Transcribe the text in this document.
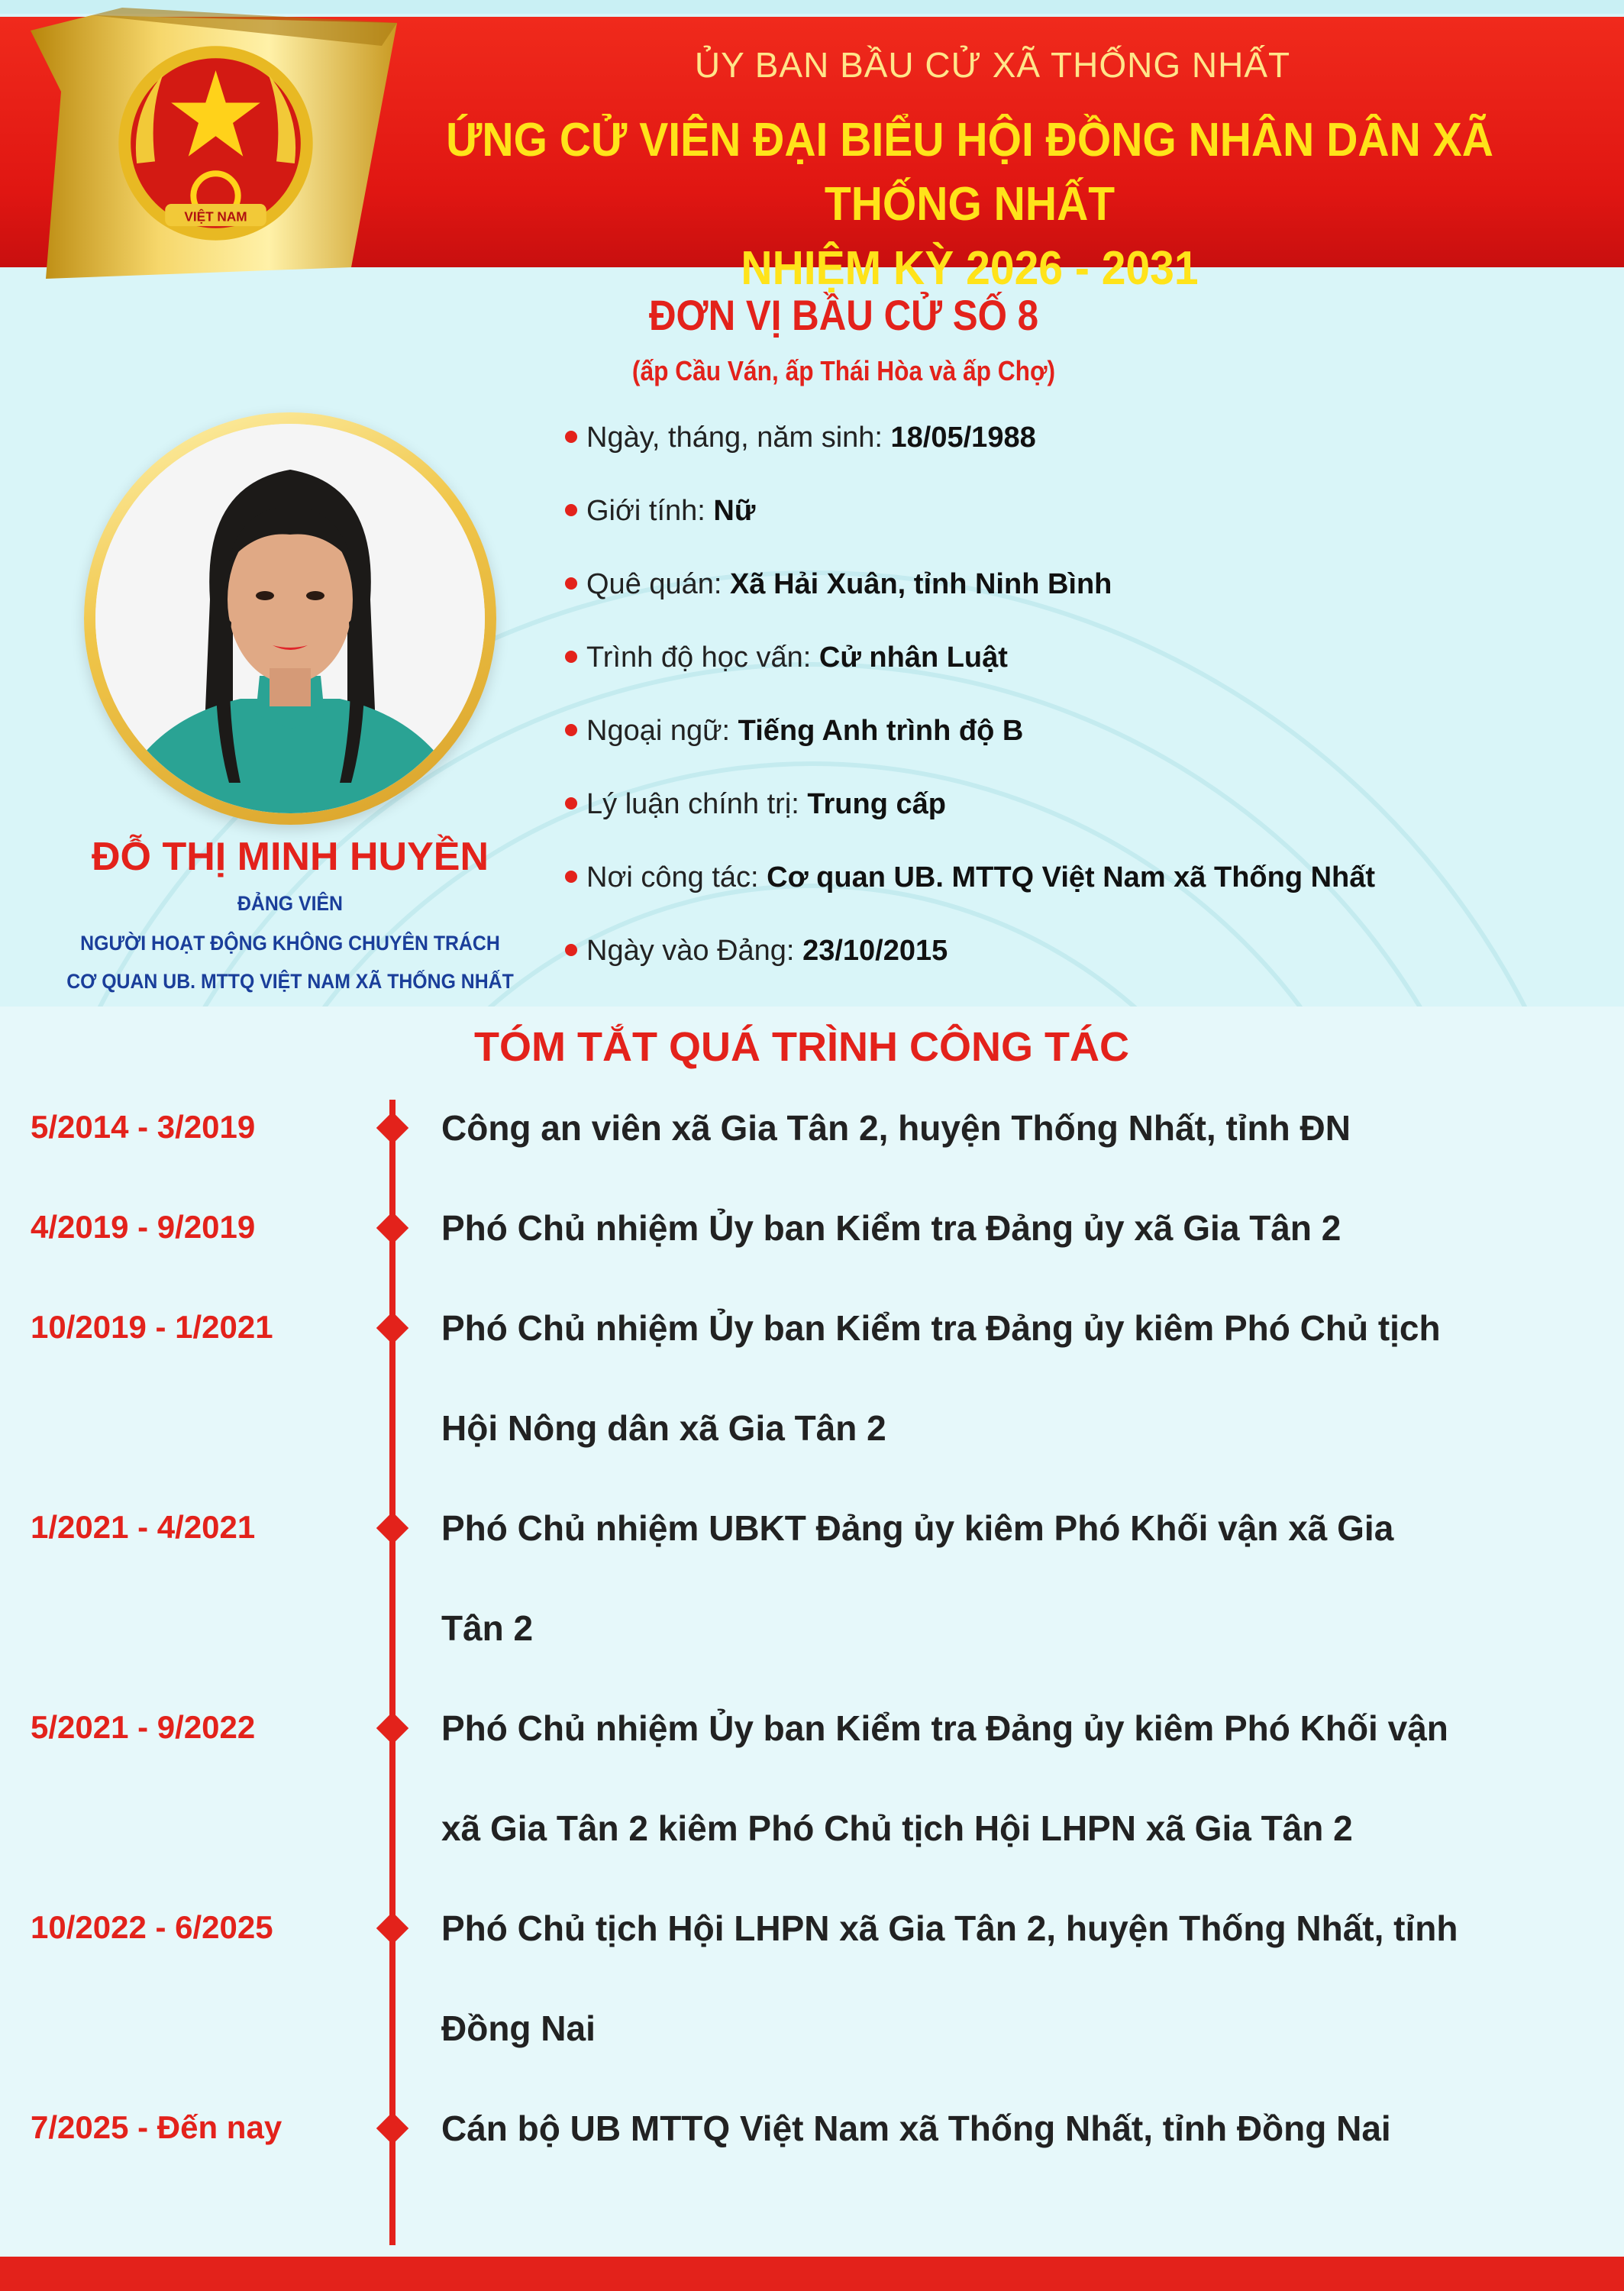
VIỆT NAM
ỦY BAN BẦU CỬ XÃ THỐNG NHẤT
ỨNG CỬ VIÊN ĐẠI BIỂU HỘI ĐỒNG NHÂN DÂN XÃ THỐNG NHẤT
NHIỆM KỲ 2026 - 2031
ĐƠN VỊ BẦU CỬ SỐ 8
(ấp Cầu Ván, ấp Thái Hòa và ấp Chợ)
ĐỖ THỊ MINH HUYỀN
ĐẢNG VIÊN
NGƯỜI HOẠT ĐỘNG KHÔNG CHUYÊN TRÁCH
CƠ QUAN UB. MTTQ VIỆT NAM XÃ THỐNG NHẤT
Ngày, tháng, năm sinh: 18/05/1988
Giới tính: Nữ
Quê quán: Xã Hải Xuân, tỉnh Ninh Bình
Trình độ học vấn: Cử nhân Luật
Ngoại ngữ: Tiếng Anh trình độ B
Lý luận chính trị: Trung cấp
Nơi công tác: Cơ quan UB. MTTQ Việt Nam xã Thống Nhất
Ngày vào Đảng: 23/10/2015
TÓM TẮT QUÁ TRÌNH CÔNG TÁC
5/2014 - 3/2019	Công an viên xã Gia Tân 2, huyện Thống Nhất, tỉnh ĐN
4/2019 - 9/2019	Phó Chủ nhiệm Ủy ban Kiểm tra Đảng ủy xã Gia Tân 2
10/2019 - 1/2021	Phó Chủ nhiệm Ủy ban Kiểm tra Đảng ủy kiêm Phó Chủ tịch
Hội Nông dân xã Gia Tân 2
1/2021 - 4/2021	Phó Chủ nhiệm UBKT Đảng ủy kiêm Phó Khối vận xã Gia
Tân 2
5/2021 - 9/2022	Phó Chủ nhiệm Ủy ban Kiểm tra Đảng ủy kiêm Phó Khối vận
xã Gia Tân 2 kiêm Phó Chủ tịch Hội LHPN xã Gia Tân 2
10/2022 - 6/2025	Phó Chủ tịch Hội LHPN xã Gia Tân 2, huyện Thống Nhất, tỉnh
Đồng Nai
7/2025 - Đến nay	Cán bộ UB MTTQ Việt Nam xã Thống Nhất, tỉnh Đồng Nai
